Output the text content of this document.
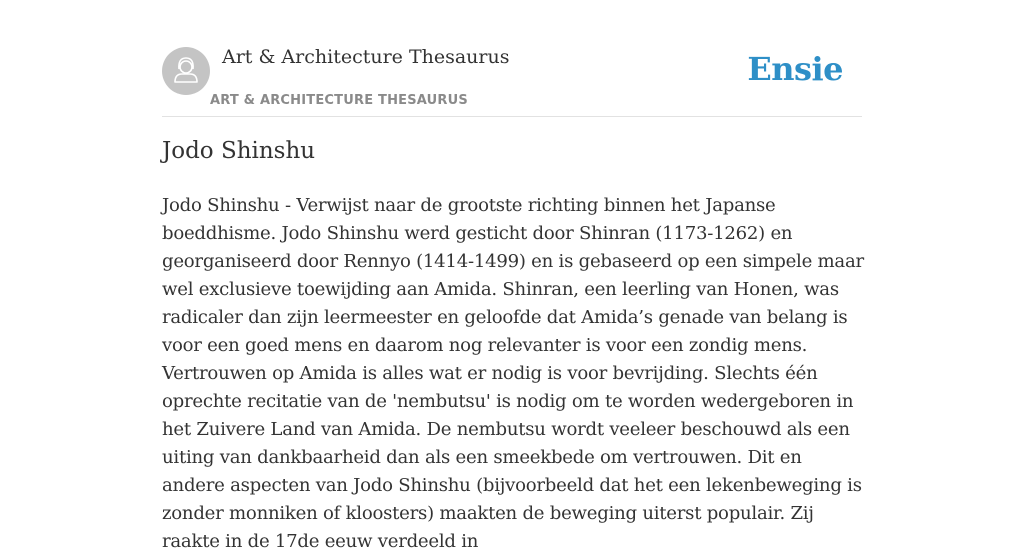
Art & Architecture Thesaurus
ART & ARCHITECTURE THESAURUS
Ensie
Jodo Shinshu

Jodo Shinshu - Verwijst naar de grootste richting binnen het Japanse boeddhisme. Jodo Shinshu werd gesticht door Shinran (1173-1262) en georganiseerd door Rennyo (1414-1499) en is gebaseerd op een simpele maar wel exclusieve toewijding aan Amida. Shinran, een leerling van Honen, was radicaler dan zijn leermeester en geloofde dat Amida’s genade van belang is voor een goed mens en daarom nog relevanter is voor een zondig mens. Vertrouwen op Amida is alles wat er nodig is voor bevrijding. Slechts één oprechte recitatie van de 'nembutsu' is nodig om te worden wedergeboren in het Zuivere Land van Amida. De nembutsu wordt veeleer beschouwd als een uiting van dankbaarheid dan als een smeekbede om vertrouwen. Dit en andere aspecten van Jodo Shinshu (bijvoorbeeld dat het een lekenbeweging is zonder monniken of kloosters) maakten de beweging uiterst populair. Zij raakte in de 17de eeuw verdeeld in
